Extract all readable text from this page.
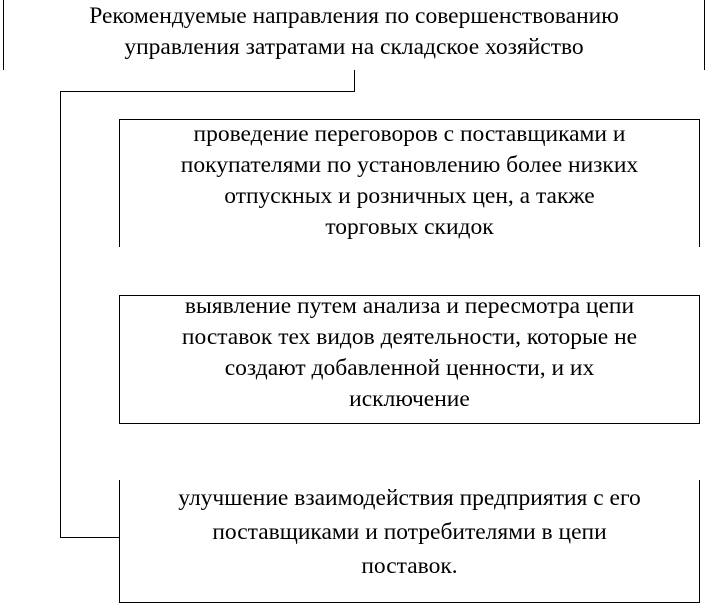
Рекомендуемые направления по совершенствованию
управления затратами на складское хозяйство
проведение переговоров с поставщиками и
покупателями по установлению более низких
отпускных и розничных цен, а также
торговых скидок
выявление путем анализа и пересмотра цепи
поставок тех видов деятельности, которые не
создают добавленной ценности, и их
исключение
улучшение взаимодействия предприятия с его
поставщиками и потребителями в цепи
поставок.
